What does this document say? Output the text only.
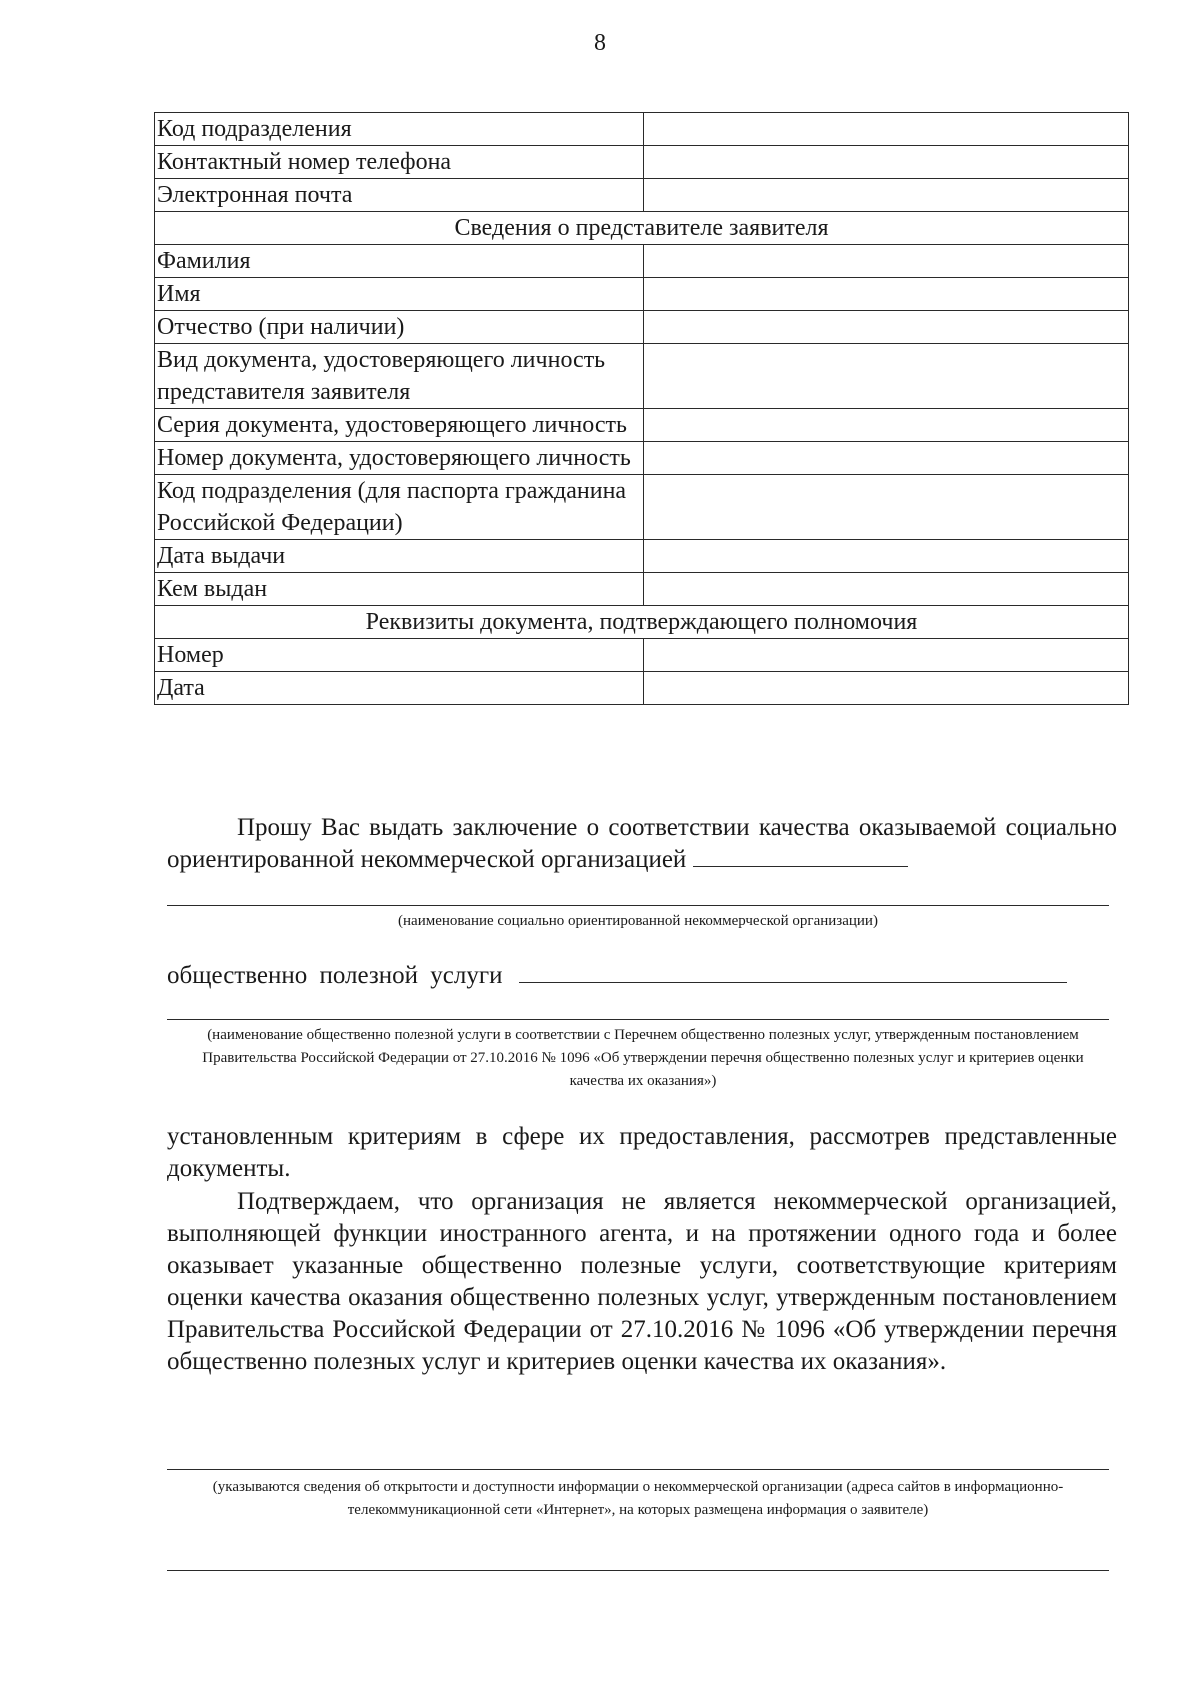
8
Код подразделения	
Контактный номер телефона	
Электронная почта	
Сведения о представителе заявителя	
Фамилия	
Имя	
Отчество (при наличии)	
Вид документа, удостоверяющего личность представителя заявителя	
Серия документа, удостоверяющего личность	
Номер документа, удостоверяющего личность	
Код подразделения (для паспорта гражданина Российской Федерации)	
Дата выдачи	
Кем выдан	
Реквизиты документа, подтверждающего полномочия	
Номер	
Дата	
Прошу Вас выдать заключение о соответствии качества оказываемой социально ориентированной некоммерческой организацией
(наименование социально ориентированной некоммерческой организации)
общественно полезной услуги
(наименование общественно полезной услуги в соответствии с Перечнем общественно полезных услуг, утвержденным постановлением Правительства Российской Федерации от 27.10.2016 № 1096 «Об утверждении перечня общественно полезных услуг и критериев оценки качества их оказания»)
установленным критериям в сфере их предоставления, рассмотрев представленные документы.
Подтверждаем, что организация не является некоммерческой организацией, выполняющей функции иностранного агента, и на протяжении одного года и более оказывает указанные общественно полезные услуги, соответствующие критериям оценки качества оказания общественно полезных услуг, утвержденным постановлением Правительства Российской Федерации от 27.10.2016 № 1096 «Об утверждении перечня общественно полезных услуг и критериев оценки качества их оказания».
(указываются сведения об открытости и доступности информации о некоммерческой организации (адреса сайтов в информационно-телекоммуникационной сети «Интернет», на которых размещена информация о заявителе)
